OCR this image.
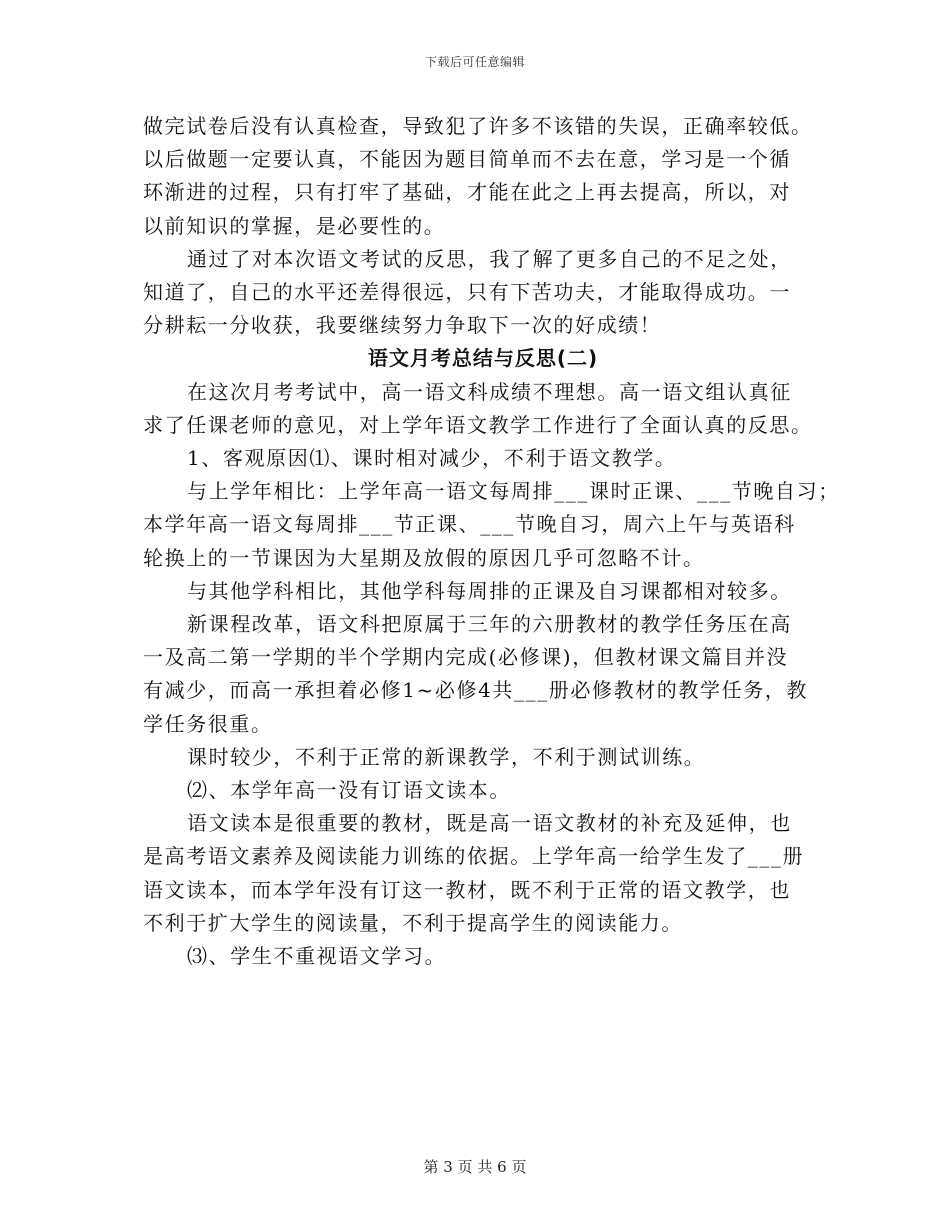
下载后可任意编辑
做完试卷后没有认真检查，导致犯了许多不该错的失误，正确率较低。
以后做题一定要认真，不能因为题目简单而不去在意，学习是一个循
环渐进的过程，只有打牢了基础，才能在此之上再去提高，所以，对
以前知识的掌握，是必要性的。
通过了对本次语文考试的反思，我了解了更多自己的不足之处，
知道了，自己的水平还差得很远，只有下苦功夫，才能取得成功。一
分耕耘一分收获，我要继续努力争取下一次的好成绩！
语文月考总结与反思(二)
在这次月考考试中，高一语文科成绩不理想。高一语文组认真征
求了任课老师的意见，对上学年语文教学工作进行了全面认真的反思。
1、客观原因⑴、课时相对减少，不利于语文教学。
与上学年相比：上学年高一语文每周排___课时正课、___节晚自习；
本学年高一语文每周排___节正课、___节晚自习，周六上午与英语科
轮换上的一节课因为大星期及放假的原因几乎可忽略不计。
与其他学科相比，其他学科每周排的正课及自习课都相对较多。
新课程改革，语文科把原属于三年的六册教材的教学任务压在高
一及高二第一学期的半个学期内完成(必修课)，但教材课文篇目并没
有减少，而高一承担着必修1~必修4共___册必修教材的教学任务，教
学任务很重。
课时较少，不利于正常的新课教学，不利于测试训练。
⑵、本学年高一没有订语文读本。
语文读本是很重要的教材，既是高一语文教材的补充及延伸，也
是高考语文素养及阅读能力训练的依据。上学年高一给学生发了___册
语文读本，而本学年没有订这一教材，既不利于正常的语文教学，也
不利于扩大学生的阅读量，不利于提高学生的阅读能力。
⑶、学生不重视语文学习。
第 3 页 共 6 页
